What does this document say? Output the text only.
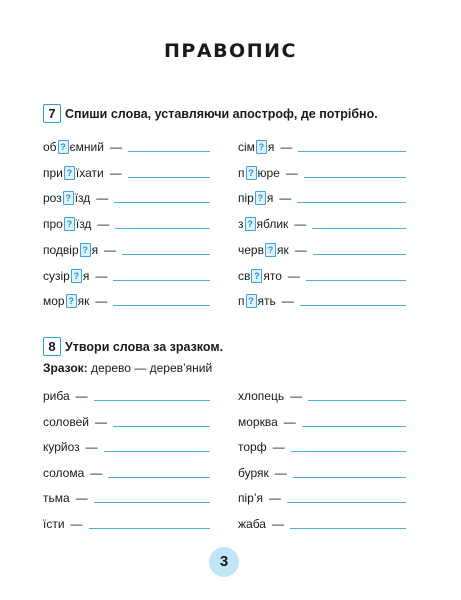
ПРАВОПИС
7 Спиши слова, уставляючи апостроф, де потрібно.
об ? ємний —
при ? їхати —
роз ? їзд —
про ? їзд —
подвір ? я —
сузір ? я —
мор ? як —
сім ? я —
п ? юре —
пір ? я —
з ? яблик —
черв ? як —
св ? ято —
п ? ять —
8 Утвори слова за зразком.
Зразок: дерево — дерев’яний
риба —
соловей —
курйоз —
солома —
тьма —
їсти —
хлопець —
морква —
торф —
буряк —
пір’я —
жаба —
3
